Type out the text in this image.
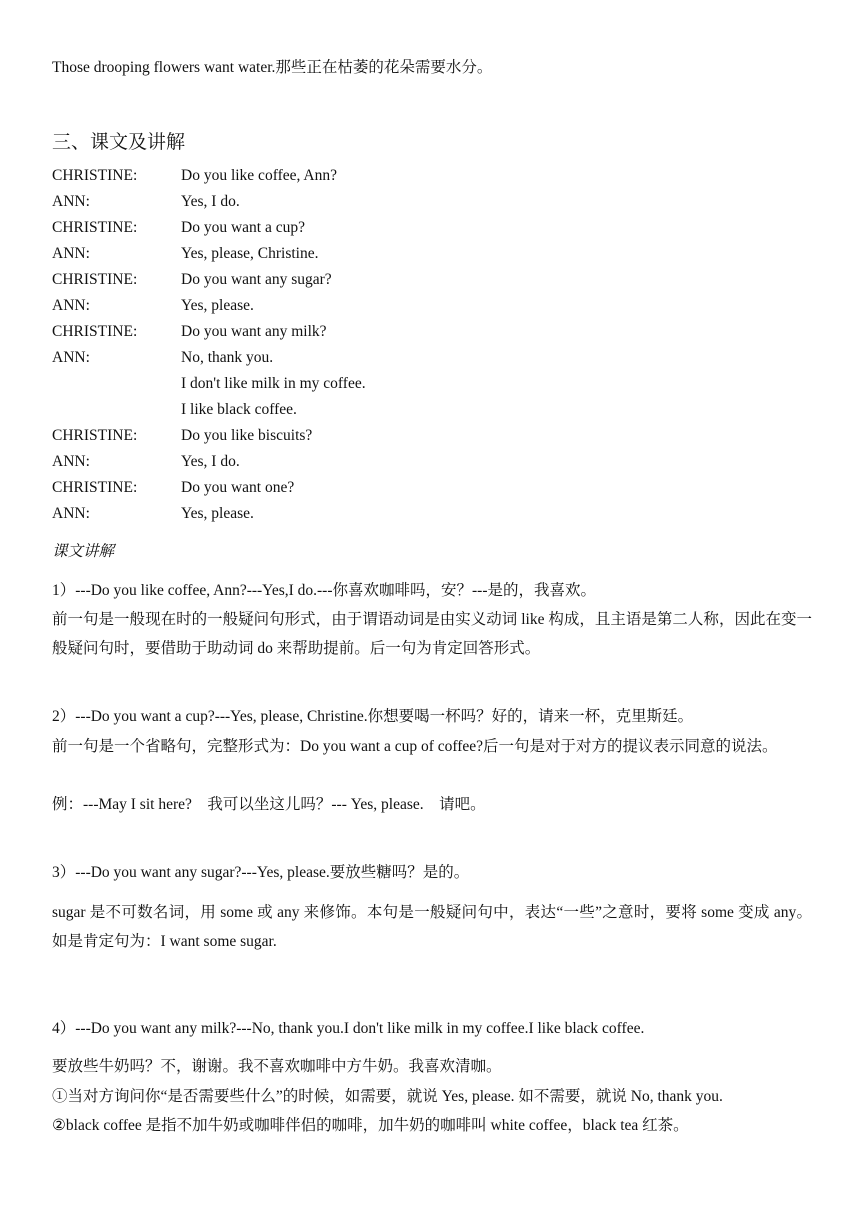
Those drooping flowers want water.那些正在枯萎的花朵需要水分。
三、课文及讲解
CHRISTINE:	Do you like coffee, Ann?
ANN:	Yes, I do.
CHRISTINE:	Do you want a cup?
ANN:	Yes, please, Christine.
CHRISTINE:	Do you want any sugar?
ANN:	Yes, please.
CHRISTINE:	Do you want any milk?
ANN:	No, thank you.
I don't like milk in my coffee.
I like black coffee.
CHRISTINE:	Do you like biscuits?
ANN:	Yes, I do.
CHRISTINE:	Do you want one?
ANN:	Yes, please.
课文讲解
1）---Do you like coffee, Ann?---Yes,I do.---你喜欢咖啡吗，安？---是的，我喜欢。
前一句是一般现在时的一般疑问句形式，由于谓语动词是由实义动词 like 构成，且主语是第二人称，因此在变一般疑问句时，要借助于助动词 do 来帮助提前。后一句为肯定回答形式。
2）---Do you want a cup?---Yes, please, Christine.你想要喝一杯吗？好的，请来一杯，克里斯廷。
前一句是一个省略句，完整形式为：Do you want a cup of coffee?后一句是对于对方的提议表示同意的说法。
例：---May I sit here?　我可以坐这儿吗？--- Yes, please.　请吧。
3）---Do you want any sugar?---Yes, please.要放些糖吗？是的。
sugar 是不可数名词，用 some 或 any 来修饰。本句是一般疑问句中，表达“一些”之意时，要将 some 变成 any。如是肯定句为：I want some sugar.
4）---Do you want any milk?---No, thank you.I don't like milk in my coffee.I like black coffee.
要放些牛奶吗？不，谢谢。我不喜欢咖啡中方牛奶。我喜欢清咖。
①当对方询问你“是否需要些什么”的时候，如需要，就说 Yes, please. 如不需要，就说 No, thank you.
②black coffee 是指不加牛奶或咖啡伴侣的咖啡，加牛奶的咖啡叫 white coffee，black tea 红茶。
